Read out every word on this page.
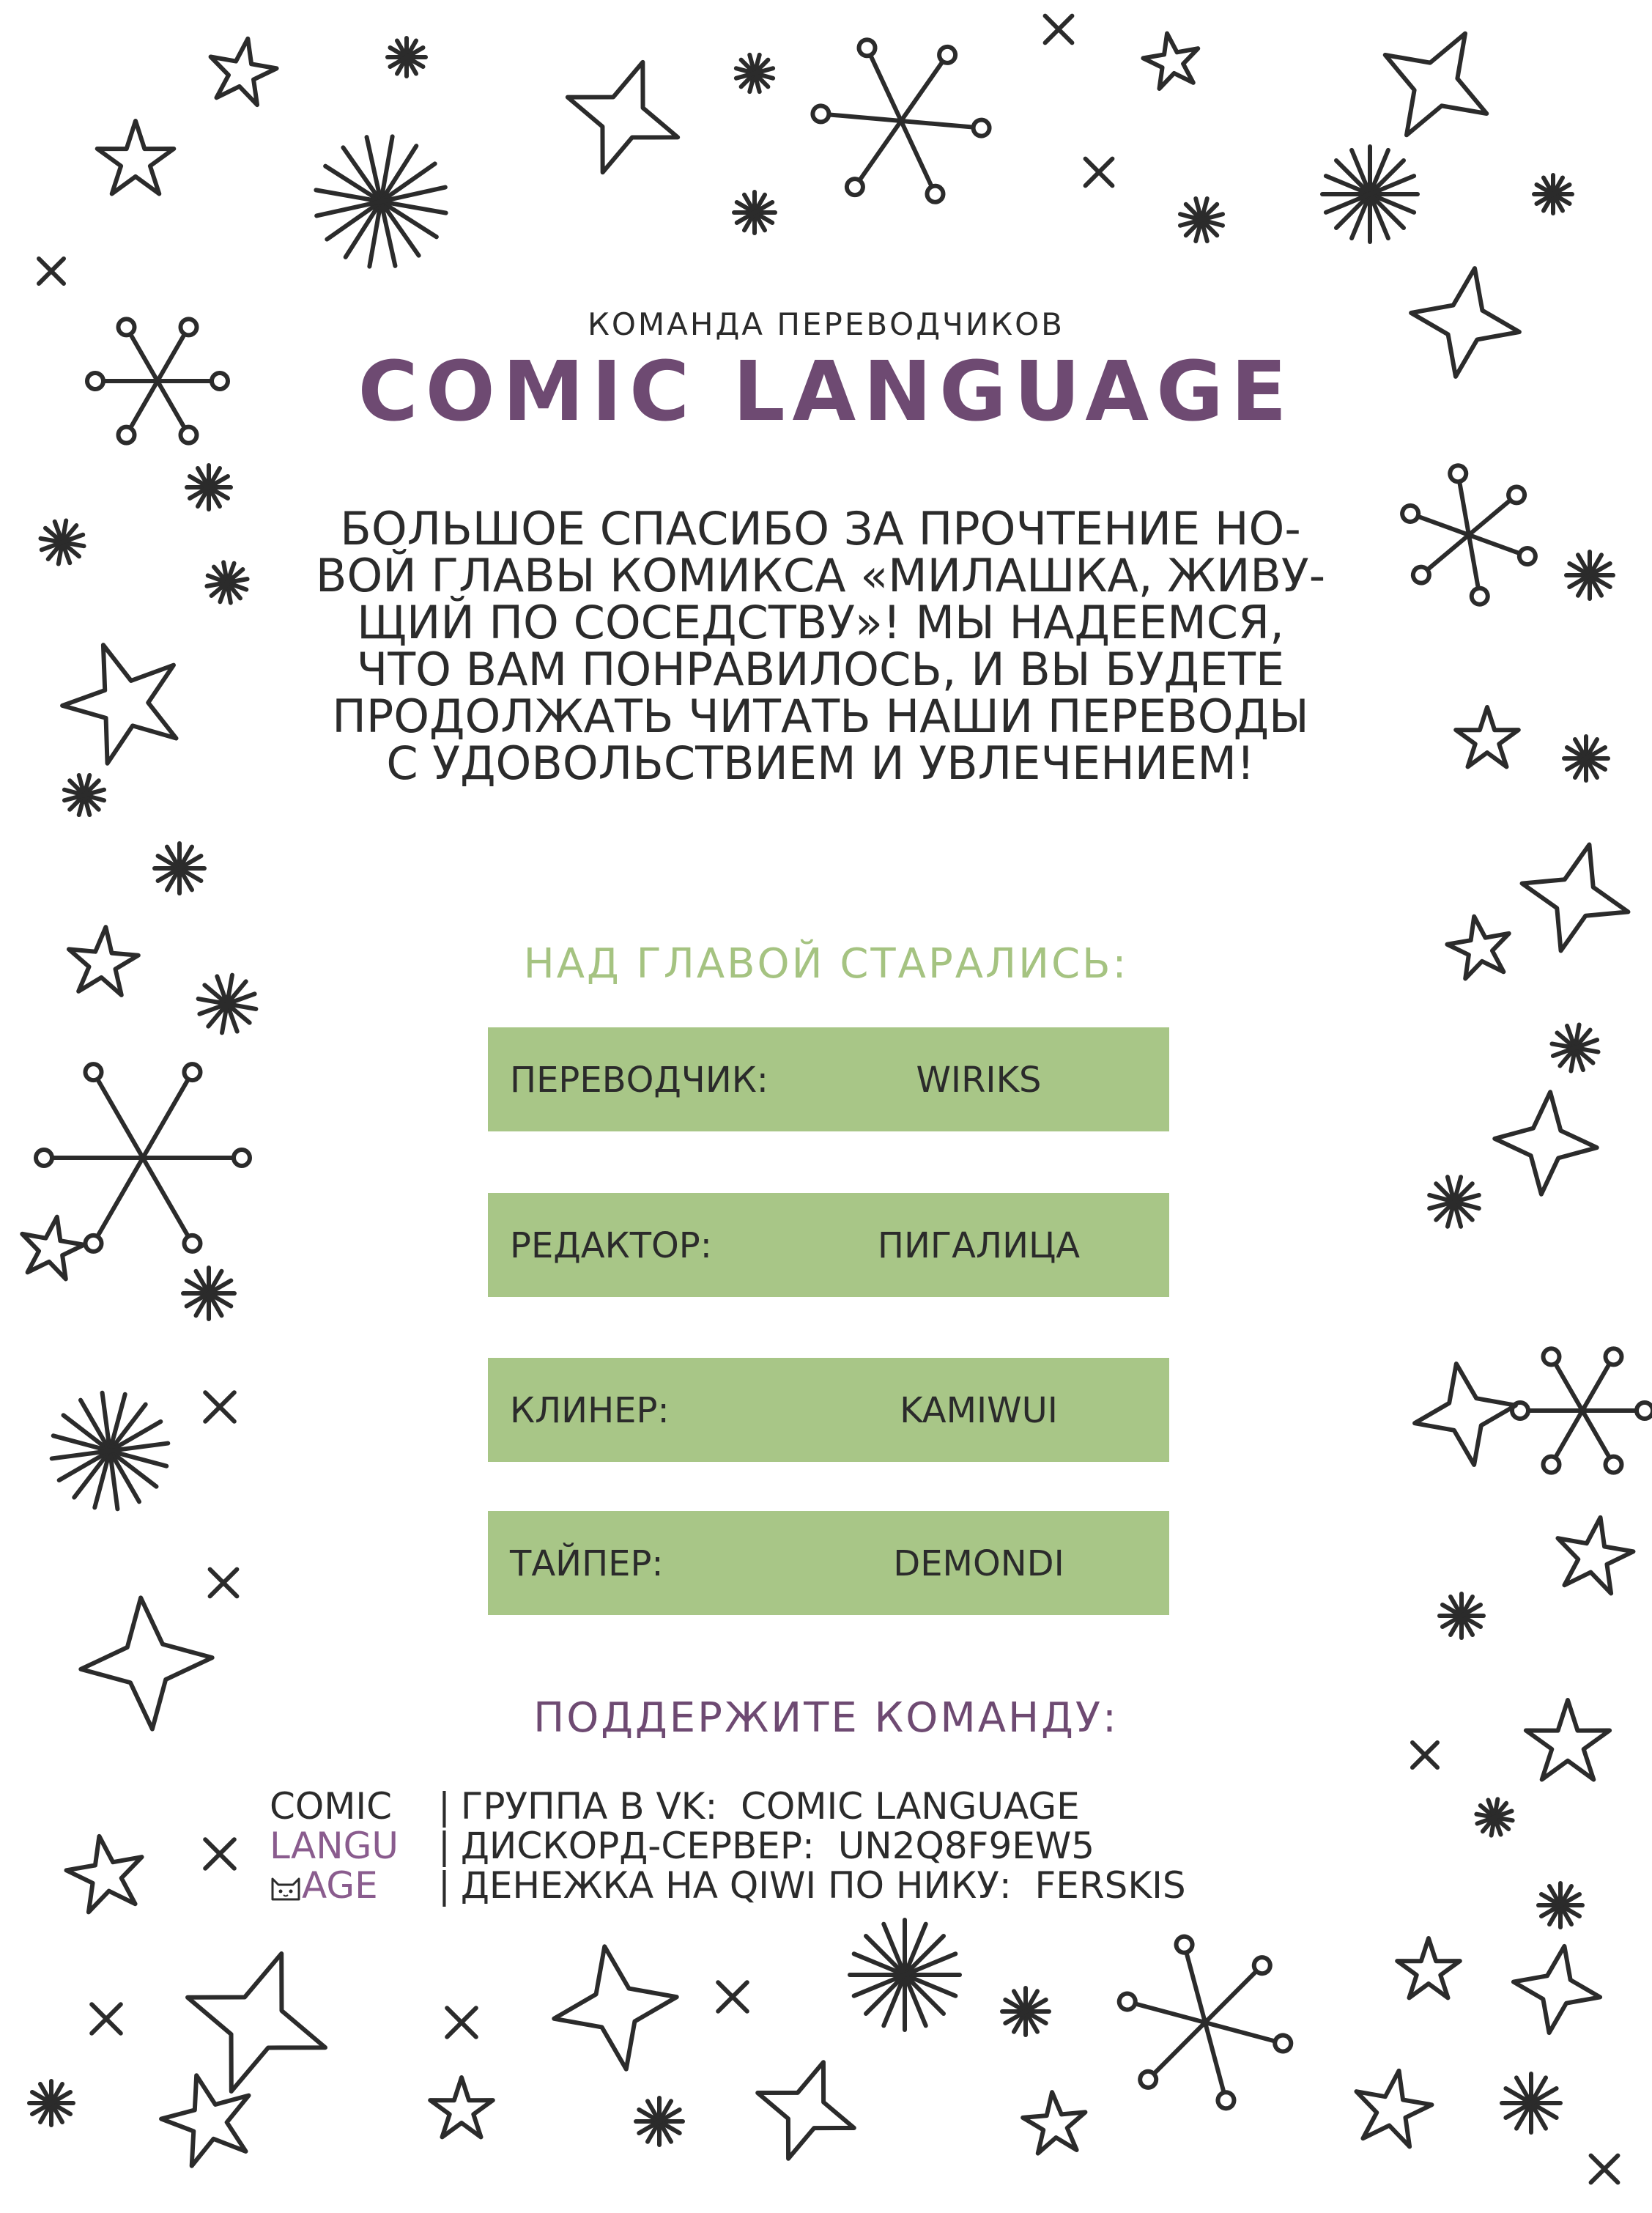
КОМАНДА ПЕРЕВОДЧИКОВ
COMIC LANGUAGE
БОЛЬШОЕ СПАСИБО ЗА ПРОЧТЕНИЕ НО-
ВОЙ ГЛАВЫ КОМИКСА «МИЛАШКА, ЖИВУ-
ЩИЙ ПО СОСЕДСТВУ»! МЫ НАДЕЕМСЯ,
ЧТО ВАМ ПОНРАВИЛОСЬ, И ВЫ БУДЕТЕ
ПРОДОЛЖАТЬ ЧИТАТЬ НАШИ ПЕРЕВОДЫ
С УДОВОЛЬСТВИЕМ И УВЛЕЧЕНИЕМ!
НАД ГЛАВОЙ СТАРАЛИСЬ:
ПЕРЕВОДЧИК:	WIRIKS
РЕДАКТОР:	ПИГАЛИЦА
КЛИНЕР:	KAMIWUI
ТАЙПЕР:	DEMONDI
ПОДДЕРЖИТЕ КОМАНДУ:
COMIC | ГРУППА В VK: COMIC LANGUAGE
LANGU | ДИСКОРД-СЕРВЕР: UN2Q8F9EW5
AGE | ДЕНЕЖКА НА QIWI ПО НИКУ: FERSKIS
